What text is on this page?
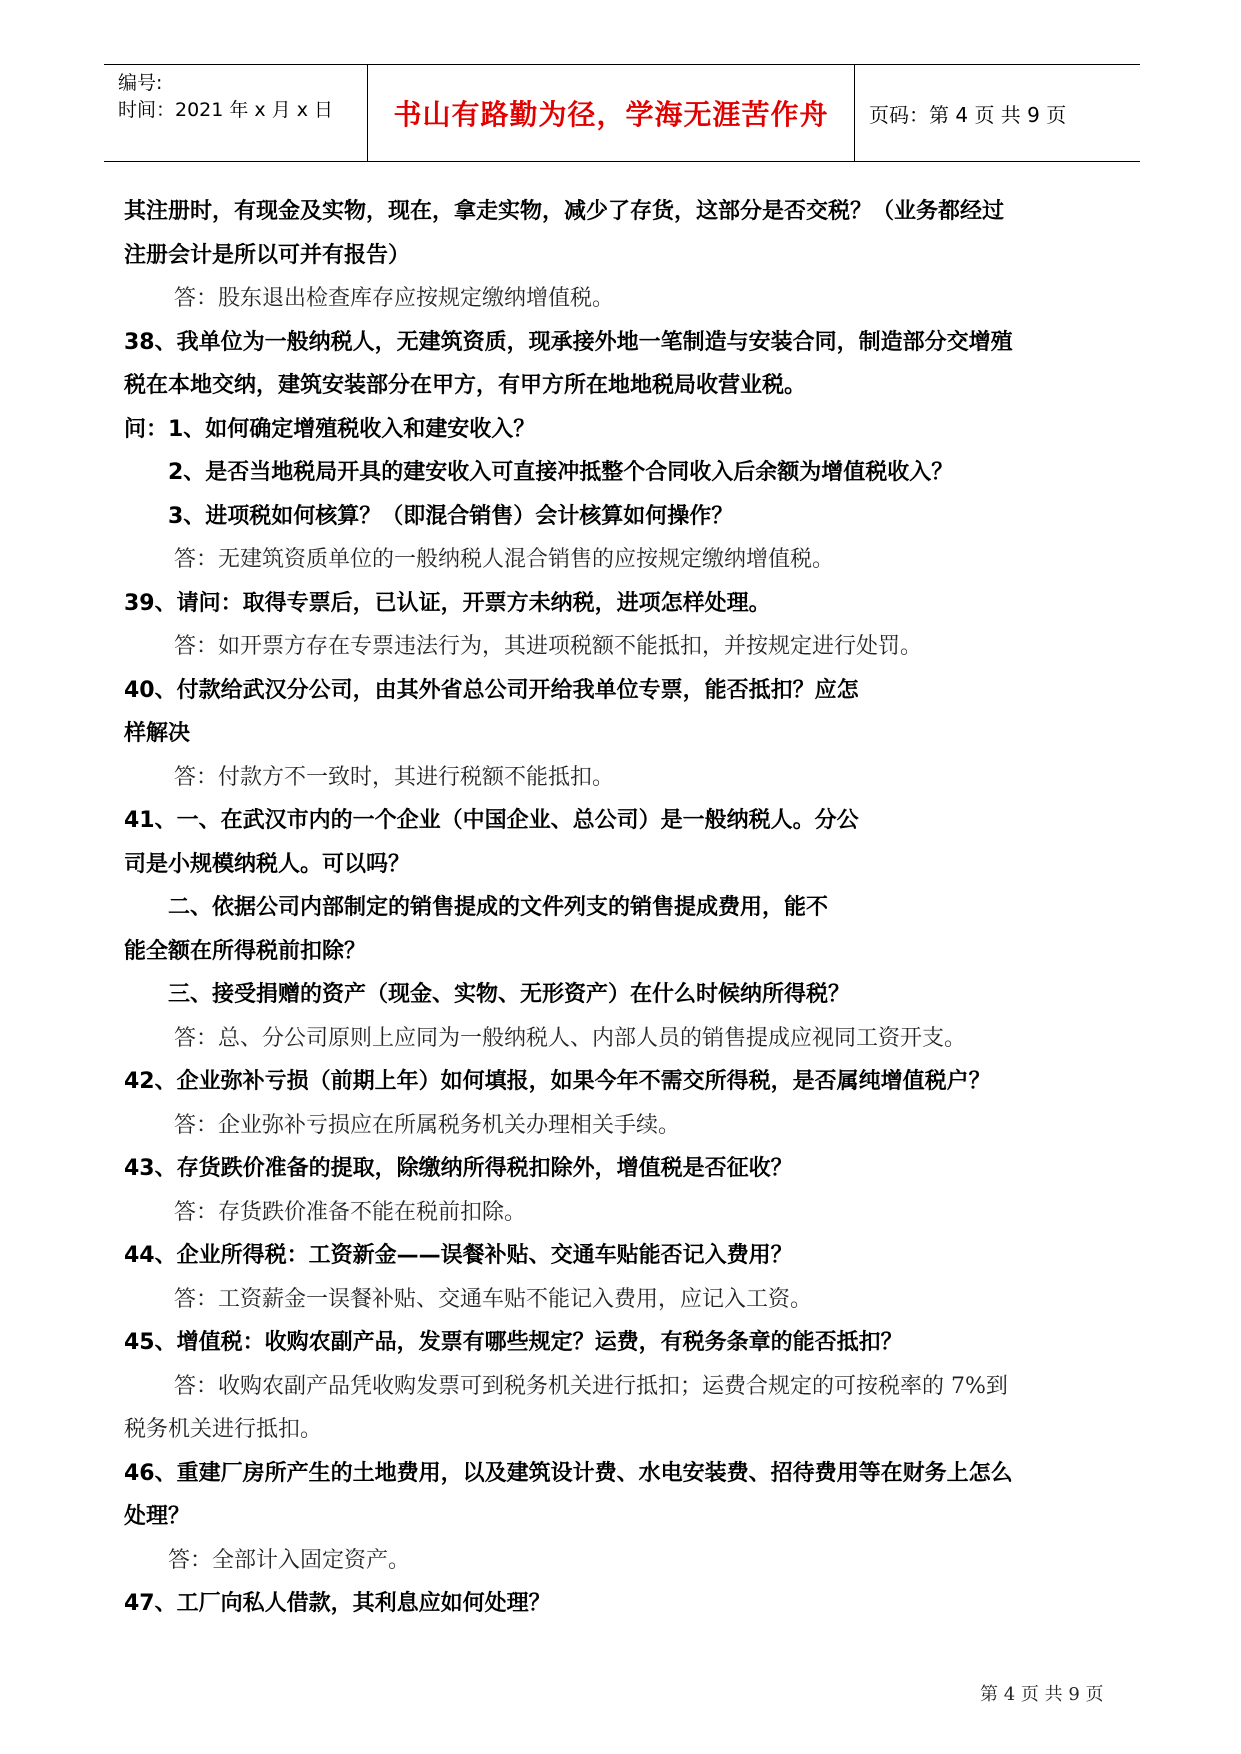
编号:
时间：2021 年 x 月 x 日	书山有路勤为径，学海无涯苦作舟	页码：第 4 页 共 9 页
其注册时，有现金及实物，现在，拿走实物，减少了存货，这部分是否交税？（业务都经过
注册会计是所以可并有报告）
答：股东退出检查库存应按规定缴纳增值税。
38、我单位为一般纳税人，无建筑资质，现承接外地一笔制造与安装合同，制造部分交增殖
税在本地交纳，建筑安装部分在甲方，有甲方所在地地税局收营业税。
问：1、如何确定增殖税收入和建安收入？
2、是否当地税局开具的建安收入可直接冲抵整个合同收入后余额为增值税收入？
3、进项税如何核算？（即混合销售）会计核算如何操作？
答：无建筑资质单位的一般纳税人混合销售的应按规定缴纳增值税。
39、请问：取得专票后，已认证，开票方未纳税，进项怎样处理。
答：如开票方存在专票违法行为，其进项税额不能抵扣，并按规定进行处罚。
40、付款给武汉分公司，由其外省总公司开给我单位专票，能否抵扣？应怎
样解决
答：付款方不一致时，其进行税额不能抵扣。
41、一、在武汉市内的一个企业（中国企业、总公司）是一般纳税人。分公
司是小规模纳税人。可以吗？
二、依据公司内部制定的销售提成的文件列支的销售提成费用，能不
能全额在所得税前扣除？
三、接受捐赠的资产（现金、实物、无形资产）在什么时候纳所得税？
答：总、分公司原则上应同为一般纳税人、内部人员的销售提成应视同工资开支。
42、企业弥补亏损（前期上年）如何填报，如果今年不需交所得税，是否属纯增值税户？
答：企业弥补亏损应在所属税务机关办理相关手续。
43、存货跌价准备的提取，除缴纳所得税扣除外，增值税是否征收？
答：存货跌价准备不能在税前扣除。
44、企业所得税：工资新金——误餐补贴、交通车贴能否记入费用？
答：工资薪金一误餐补贴、交通车贴不能记入费用，应记入工资。
45、增值税：收购农副产品，发票有哪些规定？运费，有税务条章的能否抵扣？
答：收购农副产品凭收购发票可到税务机关进行抵扣；运费合规定的可按税率的 7%到
税务机关进行抵扣。
46、重建厂房所产生的土地费用，以及建筑设计费、水电安装费、招待费用等在财务上怎么
处理？
答：全部计入固定资产。
47、工厂向私人借款，其利息应如何处理？
第 4 页 共 9 页
